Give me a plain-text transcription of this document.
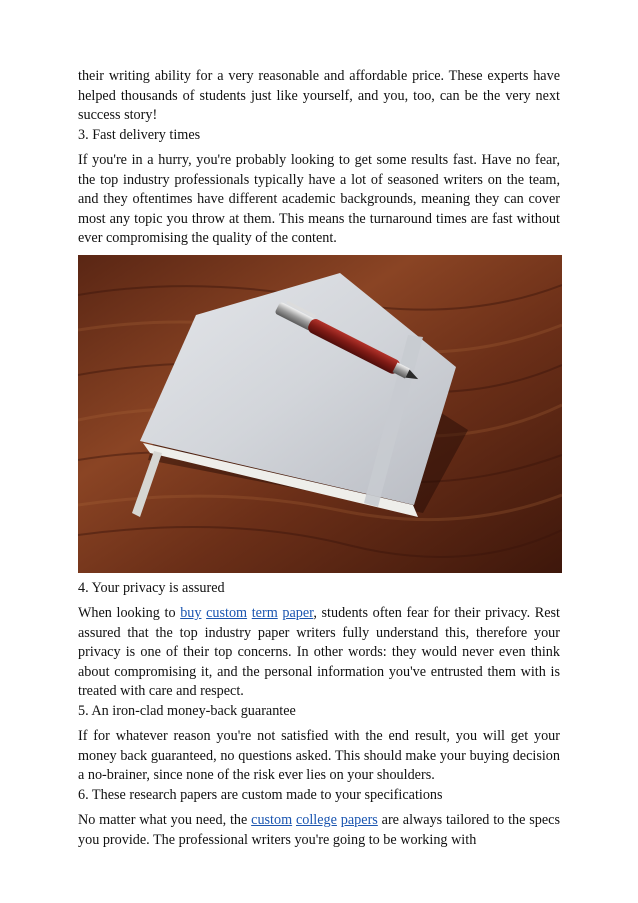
their writing ability for a very reasonable and affordable price. These experts have helped thousands of students just like yourself, and you, too, can be the very next success story!

3. Fast delivery times

If you're in a hurry, you're probably looking to get some results fast. Have no fear, the top industry professionals typically have a lot of seasoned writers on the team, and they oftentimes have different academic backgrounds, meaning they can cover most any topic you throw at them. This means the turnaround times are fast without ever compromising the quality of the content.

4. Your privacy is assured

When looking to buy custom term paper, students often fear for their privacy. Rest assured that the top industry paper writers fully understand this, therefore your privacy is one of their top concerns. In other words: they would never even think about compromising it, and the personal information you've entrusted them with is treated with care and respect.

5. An iron-clad money-back guarantee

If for whatever reason you're not satisfied with the end result, you will get your money back guaranteed, no questions asked. This should make your buying decision a no-brainer, since none of the risk ever lies on your shoulders.

6. These research papers are custom made to your specifications

No matter what you need, the custom college papers are always tailored to the specs you provide. The professional writers you're going to be working with
